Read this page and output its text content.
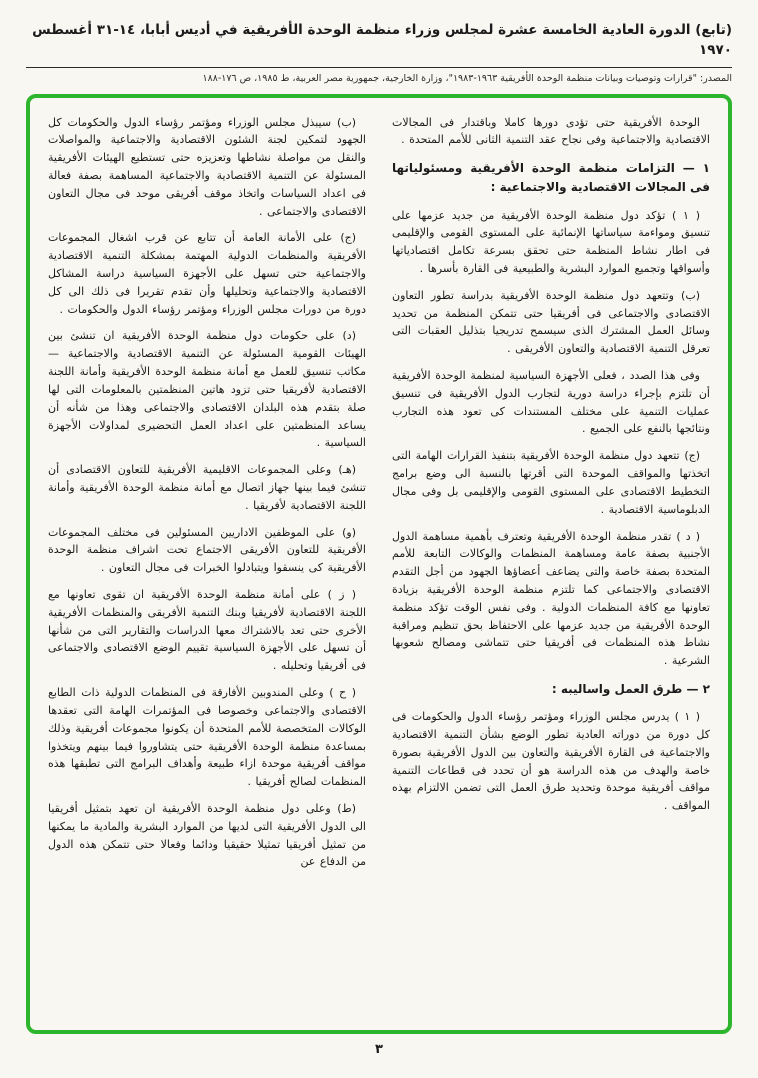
(تابع) الدورة العادية الخامسة عشرة لمجلس وزراء منظمة الوحدة الأفريقية في أديس أبابا، ١٤-٣١ أغسطس ١٩٧٠
المصدر: "قرارات وتوصيات وبيانات منظمة الوحدة الأفريقية ١٩٦٣-١٩٨٣"، وزارة الخارجية، جمهورية مصر العربية، ط ١٩٨٥، ص ١٧٦-١٨٨

الوحدة الأفريقية حتى تؤدى دورها كاملا وباقتدار فى المجالات الاقتصادية والاجتماعية وفى نجاح عقد التنمية الثانى للأمم المتحدة .

١ — التزامات منظمة الوحدة الأفريقية ومسئولياتها فى المجالات الاقتصادية والاجتماعية :

( ١ ) تؤكد دول منظمة الوحدة الأفريقية من جديد عزمها على تنسيق ومواءمة سياساتها الإنمائية على المستوى القومى والإقليمى فى اطار نشاط المنظمة حتى تحقق بسرعة تكامل اقتصادياتها وأسواقها وتجميع الموارد البشرية والطبيعية فى القارة بأسرها .

(ب) وتتعهد دول منظمة الوحدة الأفريقية بدراسة تطور التعاون الاقتصادى والاجتماعى فى أفريقيا حتى تتمكن المنظمة من تحديد وسائل العمل المشترك الذى سيسمح تدريجيا بتذليل العقبات التى تعرقل التنمية الاقتصادية والتعاون الأفريقى .

وفى هذا الصدد ، فعلى الأجهزة السياسية لمنظمة الوحدة الأفريقية أن تلتزم بإجراء دراسة دورية لتجارب الدول الأفريقية فى تنسيق عمليات التنمية على مختلف المستندات كى تعود هذه التجارب ونتائجها بالنفع على الجميع .

(ج) تتعهد دول منظمة الوحدة الأفريقية بتنفيذ القرارات الهامة التى اتخذتها والمواقف الموحدة التى أقرتها بالنسبة الى وضع برامج التخطيط الاقتصادى على المستوى القومى والإقليمى بل وفى مجال الدبلوماسية الاقتصادية .

( د ) تقدر منظمة الوحدة الأفريقية وتعترف بأهمية مساهمة الدول الأجنبية بصفة عامة ومساهمة المنظمات والوكالات التابعة للأمم المتحدة بصفة خاصة والتى يضاعف أعضاؤها الجهود من أجل التقدم الاقتصادى والاجتماعى كما تلتزم منظمة الوحدة الأفريقية بزيادة تعاونها مع كافة المنظمات الدولية . وفى نفس الوقت تؤكد منظمة الوحدة الأفريقية من جديد عزمها على الاحتفاظ بحق تنظيم ومراقبة نشاط هذه المنظمات فى أفريقيا حتى تتماشى ومصالح شعوبها الشرعية .

٢ — طرق العمل واساليبه :

( ١ ) يدرس مجلس الوزراء ومؤتمر رؤساء الدول والحكومات فى كل دورة من دوراته العادية تطور الوضع بشأن التنمية الاقتصادية والاجتماعية فى القارة الأفريقية والتعاون بين الدول الأفريقية بصورة خاصة والهدف من هذه الدراسة هو أن تحدد فى قطاعات التنمية مواقف أفريقية موحدة وتحديد طرق العمل التى تضمن الالتزام بهذه المواقف .

(ب) سيبذل مجلس الوزراء ومؤتمر رؤساء الدول والحكومات كل الجهود لتمكين لجنة الشئون الاقتصادية والاجتماعية والمواصلات والنقل من مواصلة نشاطها وتعزيزه حتى تستطيع الهيئات الأفريقية المسئولة عن التنمية الاقتصادية والاجتماعية المساهمة بصفة فعالة فى اعداد السياسات واتخاذ موقف أفريقى موحد فى مجال التعاون الاقتصادى والاجتماعى .

(ج) على الأمانة العامة أن تتابع عن قرب اشغال المجموعات الأفريقية والمنظمات الدولية المهتمة بمشكلة التنمية الاقتصادية والاجتماعية حتى تسهل على الأجهزة السياسية دراسة المشاكل الاقتصادية والاجتماعية وتحليلها وأن تقدم تقريرا فى ذلك الى كل دورة من دورات مجلس الوزراء ومؤتمر رؤساء الدول والحكومات .

(د) على حكومات دول منظمة الوحدة الأفريقية ان تنشئ بين الهيئات القومية المسئولة عن التنمية الاقتصادية والاجتماعية — مكاتب تنسيق للعمل مع أمانة منظمة الوحدة الأفريقية وأمانة اللجنة الاقتصادية لأفريقيا حتى تزود هاتين المنظمتين بالمعلومات التى لها صلة بتقدم هذه البلدان الاقتصادى والاجتماعى وهذا من شأنه أن يساعد المنظمتين على اعداد العمل التحضيرى لمداولات الأجهزة السياسية .

(هـ) وعلى المجموعات الاقليمية الأفريقية للتعاون الاقتصادى أن تنشئ فيما بينها جهاز اتصال مع أمانة منظمة الوحدة الأفريقية وأمانة اللجنة الاقتصادية لأفريقيا .

(و) على الموظفين الاداريين المسئولين فى مختلف المجموعات الأفريقية للتعاون الأفريقى الاجتماع تحت اشراف منظمة الوحدة الأفريقية كى ينسقوا ويتبادلوا الخبرات فى مجال التعاون .

( ز ) على أمانة منظمة الوحدة الأفريقية ان تقوى تعاونها مع اللجنة الاقتصادية لأفريقيا وبنك التنمية الأفريقى والمنظمات الأفريقية الأخرى حتى تعد بالاشتراك معها الدراسات والتقارير التى من شأنها أن تسهل على الأجهزة السياسية تقييم الوضع الاقتصادى والاجتماعى فى أفريقيا وتحليله .

( ح ) وعلى المندوبين الأفارقة فى المنظمات الدولية ذات الطابع الاقتصادى والاجتماعى وخصوصا فى المؤتمرات الهامة التى تعقدها الوكالات المتخصصة للأمم المتحدة أن يكونوا مجموعات أفريقية وذلك بمساعدة منظمة الوحدة الأفريقية حتى يتشاوروا فيما بينهم ويتخذوا مواقف أفريقية موحدة ازاء طبيعة وأهداف البرامج التى تطبقها هذه المنظمات لصالح أفريقيا .

(ط) وعلى دول منظمة الوحدة الأفريقية ان تعهد بتمثيل أفريقيا الى الدول الأفريقية التى لديها من الموارد البشرية والمادية ما يمكنها من تمثيل أفريقيا تمثيلا حقيقيا ودائما وفعالا حتى تتمكن هذه الدول من الدفاع عن

٣
